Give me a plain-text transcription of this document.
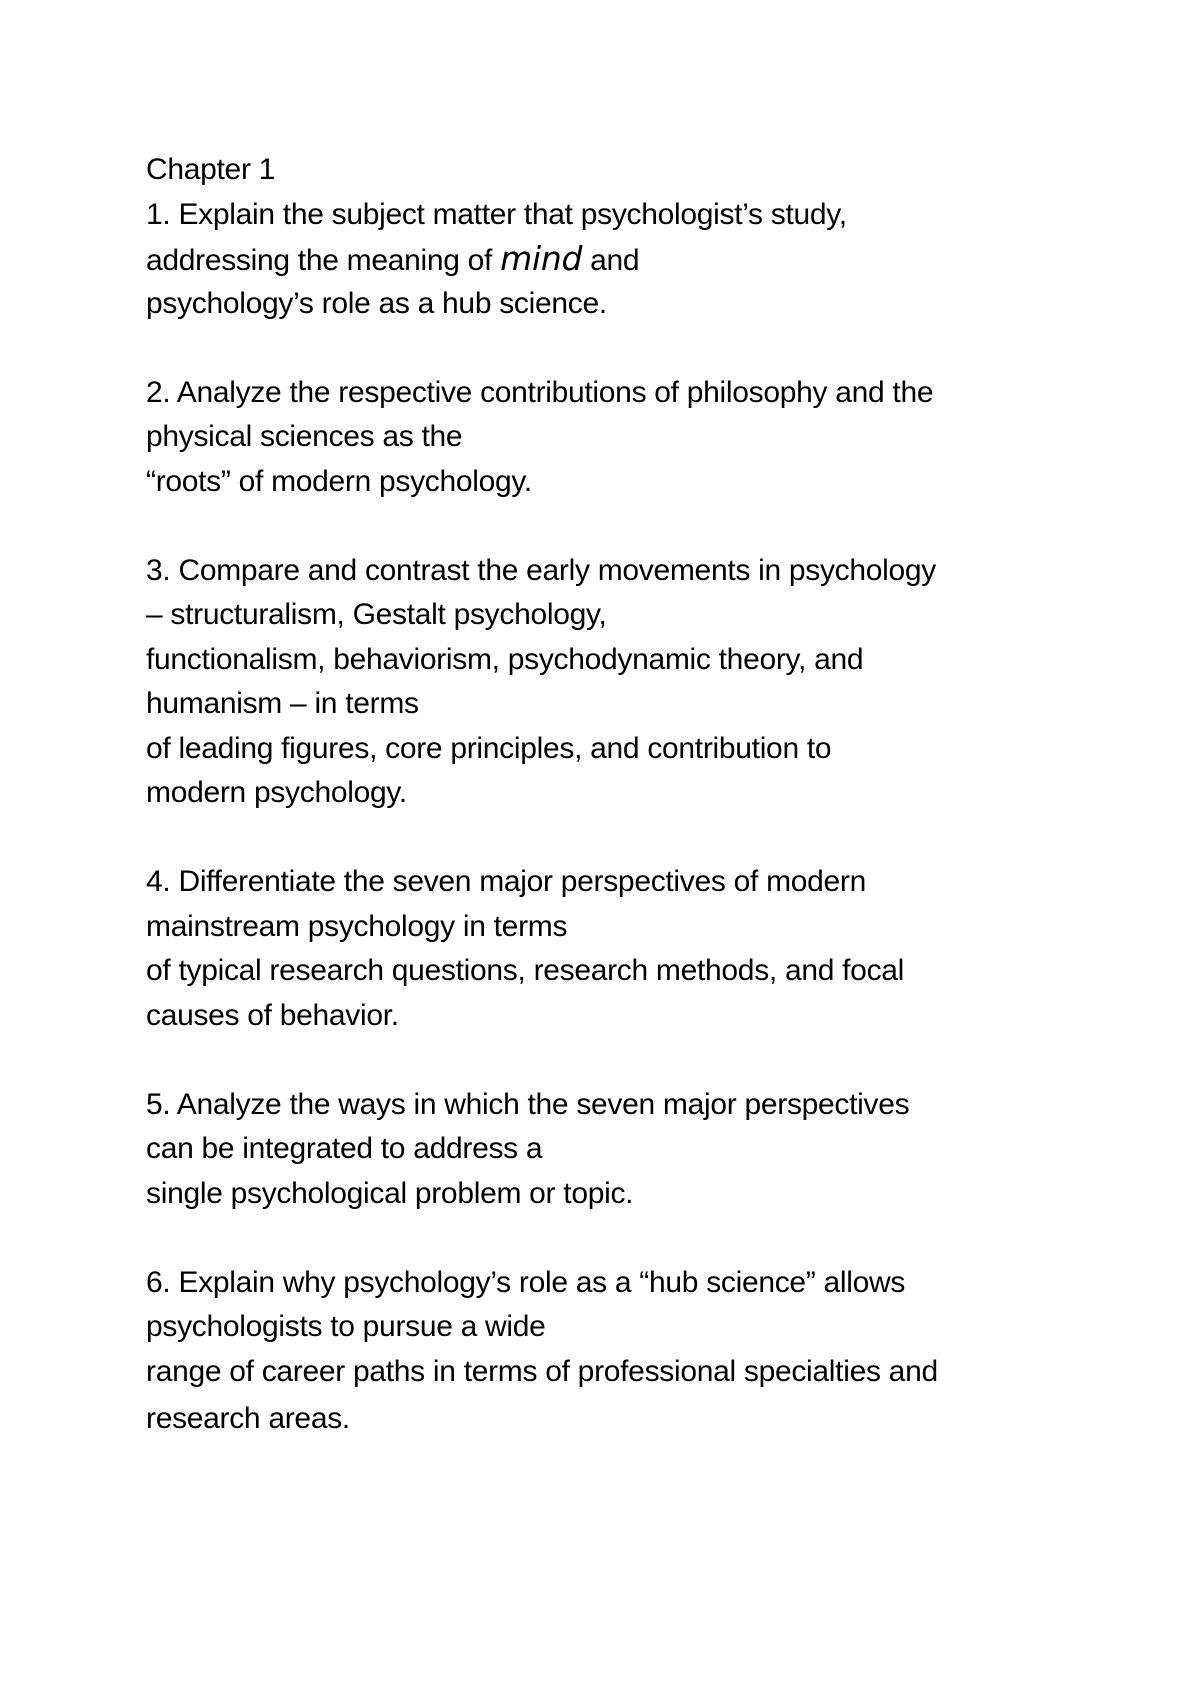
Chapter 1
1. Explain the subject matter that psychologist’s study,
addressing the meaning of mind and
psychology’s role as a hub science.
2. Analyze the respective contributions of philosophy and the
physical sciences as the
“roots” of modern psychology.
3. Compare and contrast the early movements in psychology
– structuralism, Gestalt psychology,
functionalism, behaviorism, psychodynamic theory, and
humanism – in terms
of leading figures, core principles, and contribution to
modern psychology.
4. Differentiate the seven major perspectives of modern
mainstream psychology in terms
of typical research questions, research methods, and focal
causes of behavior.
5. Analyze the ways in which the seven major perspectives
can be integrated to address a
single psychological problem or topic.
6. Explain why psychology’s role as a “hub science” allows
psychologists to pursue a wide
range of career paths in terms of professional specialties and
research areas.
